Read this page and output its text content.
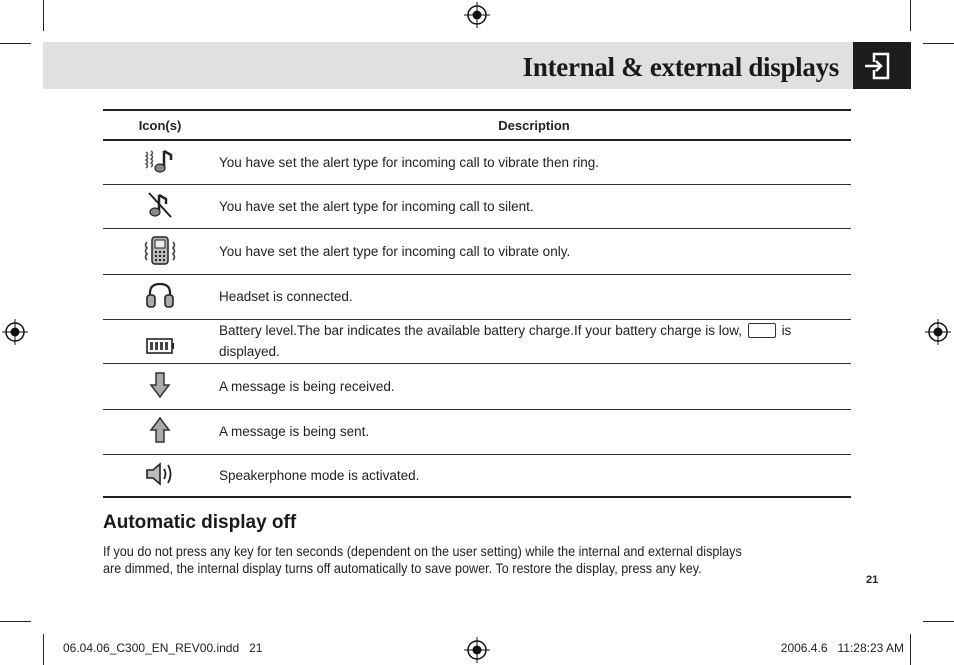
Internal & external displays
Icon(s)	Description
	You have set the alert type for incoming call to vibrate then ring.
	You have set the alert type for incoming call to silent.
	You have set the alert type for incoming call to vibrate only.
	Headset is connected.
	Battery level.The bar indicates the available battery charge.If your battery charge is low, is displayed.
	A message is being received.
	A message is being sent.
	Speakerphone mode is activated.
Automatic display off
If you do not press any key for ten seconds (dependent on the user setting) while the internal and external displays are dimmed, the internal display turns off automatically to save power. To restore the display, press any key.
21
06.04.06_C300_EN_REV00.indd   21	2006.4.6   11:28:23 AM
